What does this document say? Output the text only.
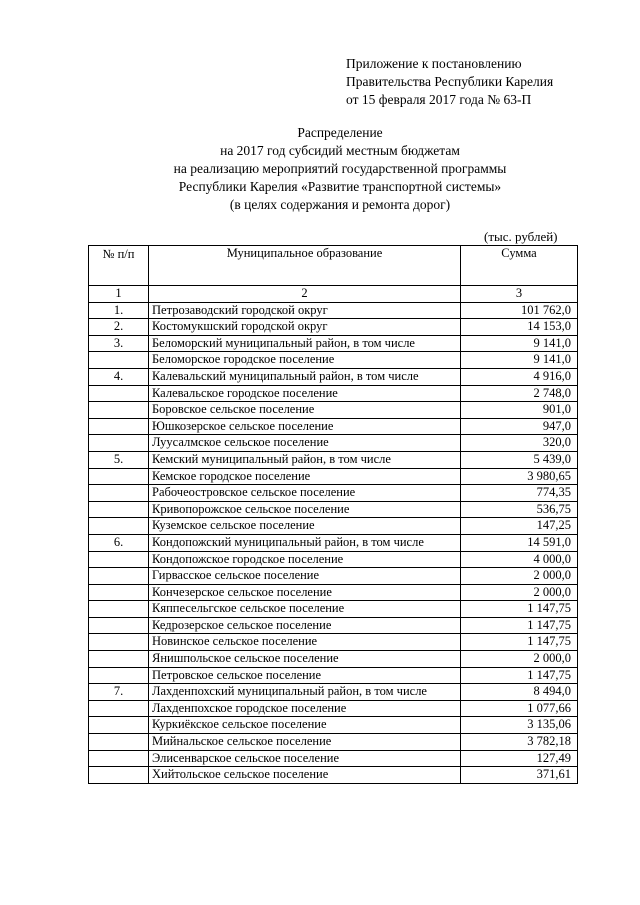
Приложение к постановлению
Правительства Республики Карелия
от 15 февраля 2017 года № 63-П
Распределение
на 2017 год субсидий местным бюджетам
на реализацию мероприятий государственной программы
Республики Карелия «Развитие транспортной системы»
(в целях содержания и ремонта дорог)
(тыс. рублей)
№ п/п	Муниципальное образование	Сумма
1	2	3
1.	Петрозаводский городской округ	101 762,0
2.	Костомукшский городской округ	14 153,0
3.	Беломорский муниципальный район, в том числе	9 141,0
	Беломорское городское поселение	9 141,0
4.	Калевальский муниципальный район, в том числе	4 916,0
	Калевальское городское поселение	2 748,0
	Боровское сельское поселение	901,0
	Юшкозерское сельское поселение	947,0
	Луусалмское сельское поселение	320,0
5.	Кемский муниципальный район, в том числе	5 439,0
	Кемское городское поселение	3 980,65
	Рабочеостровское сельское поселение	774,35
	Кривопорожское сельское поселение	536,75
	Куземское сельское поселение	147,25
6.	Кондопожский муниципальный район, в том числе	14 591,0
	Кондопожское городское поселение	4 000,0
	Гирвасское сельское поселение	2 000,0
	Кончезерское сельское поселение	2 000,0
	Кяппесельгское сельское поселение	1 147,75
	Кедрозерское сельское поселение	1 147,75
	Новинское сельское поселение	1 147,75
	Янишпольское сельское поселение	2 000,0
	Петровское сельское поселение	1 147,75
7.	Лахденпохский муниципальный район, в том числе	8 494,0
	Лахденпохское городское поселение	1 077,66
	Куркиёкское сельское поселение	3 135,06
	Мийнальское сельское поселение	3 782,18
	Элисенварское сельское поселение	127,49
	Хийтольское сельское поселение	371,61
